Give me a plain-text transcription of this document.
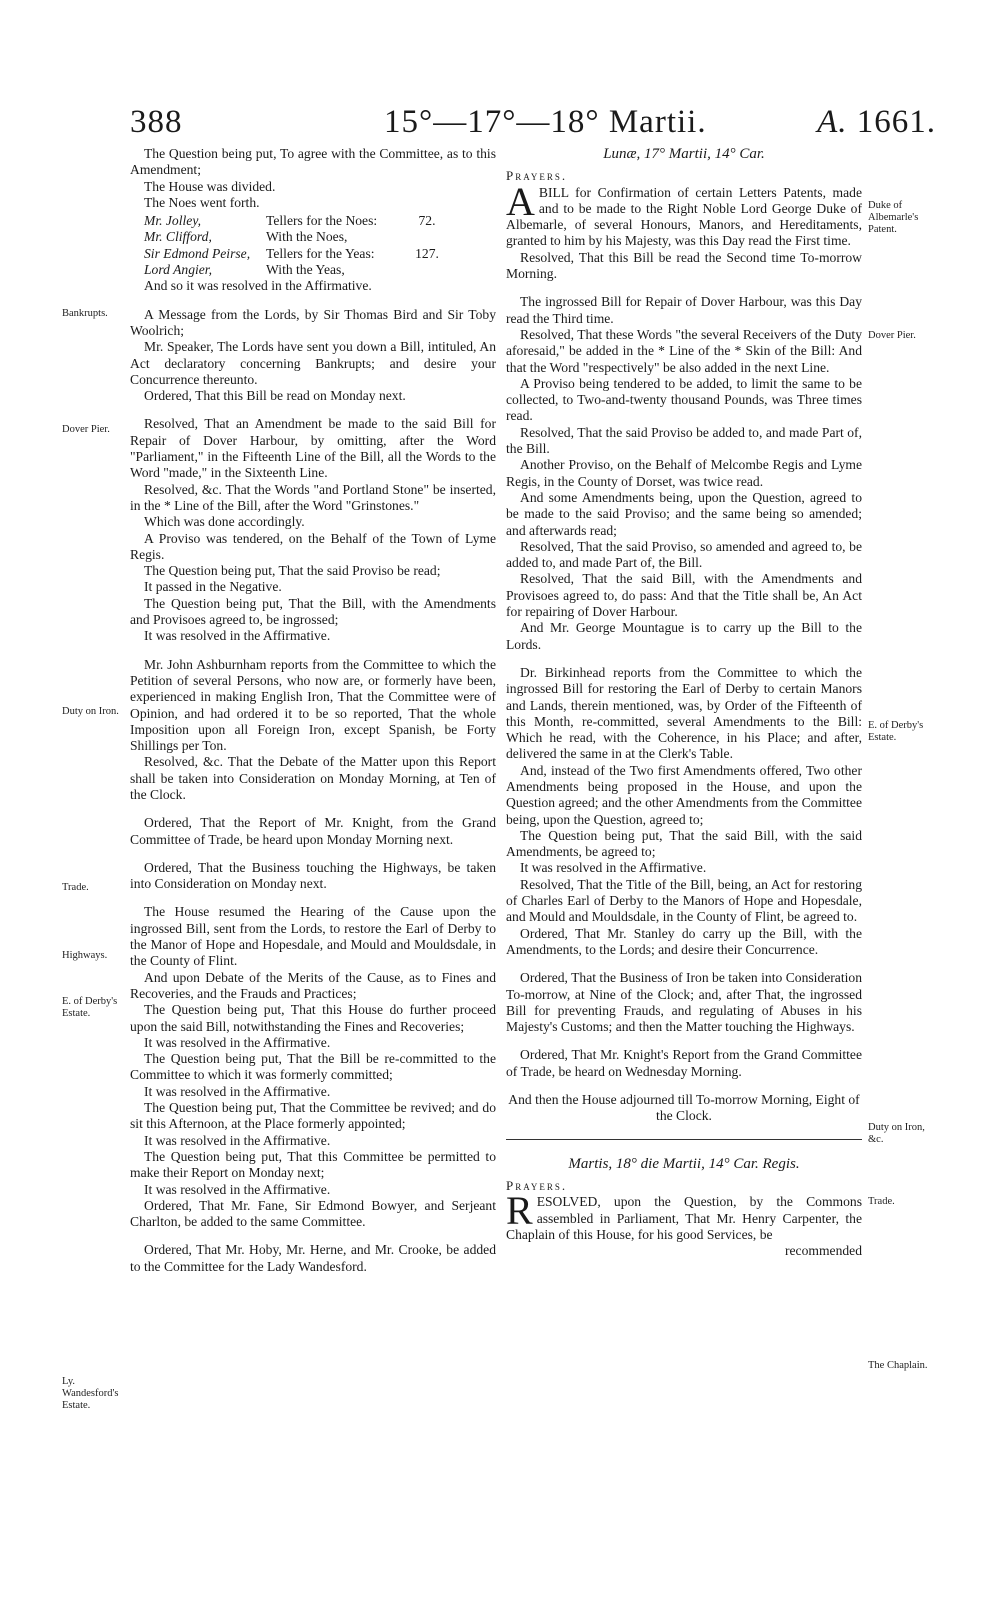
388	15°—17°—18° Martii.	A. 1661.

The Question being put, To agree with the Committee, as to this Amendment;

The House was divided.

The Noes went forth.

Mr. Jolley,	Tellers for the Noes:	72.
Mr. Clifford,	With the Noes,
Sir Edmond Peirse,	Tellers for the Yeas:	127.
Lord Angier,	With the Yeas,

And so it was resolved in the Affirmative.

A Message from the Lords, by Sir Thomas Bird and Sir Toby Woolrich;

Mr. Speaker, The Lords have sent you down a Bill, intituled, An Act declaratory concerning Bankrupts; and desire your Concurrence thereunto.

Ordered, That this Bill be read on Monday next.

Resolved, That an Amendment be made to the said Bill for Repair of Dover Harbour, by omitting, after the Word "Parliament," in the Fifteenth Line of the Bill, all the Words to the Word "made," in the Sixteenth Line.

Resolved, &c. That the Words "and Portland Stone" be inserted, in the * Line of the Bill, after the Word "Grinstones."

Which was done accordingly.

A Proviso was tendered, on the Behalf of the Town of Lyme Regis.

The Question being put, That the said Proviso be read;

It passed in the Negative.

The Question being put, That the Bill, with the Amendments and Provisoes agreed to, be ingrossed;

It was resolved in the Affirmative.

Mr. John Ashburnham reports from the Committee to which the Petition of several Persons, who now are, or formerly have been, experienced in making English Iron, That the Committee were of Opinion, and had ordered it to be so reported, That the whole Imposition upon all Foreign Iron, except Spanish, be Forty Shillings per Ton.

Resolved, &c. That the Debate of the Matter upon this Report shall be taken into Consideration on Monday Morning, at Ten of the Clock.

Ordered, That the Report of Mr. Knight, from the Grand Committee of Trade, be heard upon Monday Morning next.

Ordered, That the Business touching the Highways, be taken into Consideration on Monday next.

The House resumed the Hearing of the Cause upon the ingrossed Bill, sent from the Lords, to restore the Earl of Derby to the Manor of Hope and Hopesdale, and Mould and Mouldsdale, in the County of Flint.

And upon Debate of the Merits of the Cause, as to Fines and Recoveries, and the Frauds and Practices;

The Question being put, That this House do further proceed upon the said Bill, notwithstanding the Fines and Recoveries;

It was resolved in the Affirmative.

The Question being put, That the Bill be re-committed to the Committee to which it was formerly committed;

It was resolved in the Affirmative.

The Question being put, That the Committee be revived; and do sit this Afternoon, at the Place formerly appointed;

It was resolved in the Affirmative.

The Question being put, That this Committee be permitted to make their Report on Monday next;

It was resolved in the Affirmative.

Ordered, That Mr. Fane, Sir Edmond Bowyer, and Serjeant Charlton, be added to the same Committee.

Ordered, That Mr. Hoby, Mr. Herne, and Mr. Crooke, be added to the Committee for the Lady Wandesford.

Lunæ, 17° Martii, 14° Car.

Prayers.

ABILL for Confirmation of certain Letters Patents, made and to be made to the Right Noble Lord George Duke of Albemarle, of several Honours, Manors, and Hereditaments, granted to him by his Majesty, was this Day read the First time.

Resolved, That this Bill be read the Second time To-morrow Morning.

The ingrossed Bill for Repair of Dover Harbour, was this Day read the Third time.

Resolved, That these Words "the several Receivers of the Duty aforesaid," be added in the * Line of the * Skin of the Bill: And that the Word "respectively" be also added in the next Line.

A Proviso being tendered to be added, to limit the same to be collected, to Two-and-twenty thousand Pounds, was Three times read.

Resolved, That the said Proviso be added to, and made Part of, the Bill.

Another Proviso, on the Behalf of Melcombe Regis and Lyme Regis, in the County of Dorset, was twice read.

And some Amendments being, upon the Question, agreed to be made to the said Proviso; and the same being so amended; and afterwards read;

Resolved, That the said Proviso, so amended and agreed to, be added to, and made Part of, the Bill.

Resolved, That the said Bill, with the Amendments and Provisoes agreed to, do pass: And that the Title shall be, An Act for repairing of Dover Harbour.

And Mr. George Mountague is to carry up the Bill to the Lords.

Dr. Birkinhead reports from the Committee to which the ingrossed Bill for restoring the Earl of Derby to certain Manors and Lands, therein mentioned, was, by Order of the Fifteenth of this Month, re-committed, several Amendments to the Bill: Which he read, with the Coherence, in his Place; and after, delivered the same in at the Clerk's Table.

And, instead of the Two first Amendments offered, Two other Amendments being proposed in the House, and upon the Question agreed; and the other Amendments from the Committee being, upon the Question, agreed to;

The Question being put, That the said Bill, with the said Amendments, be agreed to;

It was resolved in the Affirmative.

Resolved, That the Title of the Bill, being, an Act for restoring of Charles Earl of Derby to the Manors of Hope and Hopesdale, and Mould and Mouldsdale, in the County of Flint, be agreed to.

Ordered, That Mr. Stanley do carry up the Bill, with the Amendments, to the Lords; and desire their Concurrence.

Ordered, That the Business of Iron be taken into Consideration To-morrow, at Nine of the Clock; and, after That, the ingrossed Bill for preventing Frauds, and regulating of Abuses in his Majesty's Customs; and then the Matter touching the Highways.

Ordered, That Mr. Knight's Report from the Grand Committee of Trade, be heard on Wednesday Morning.

And then the House adjourned till To-morrow Morning, Eight of the Clock.

Martis, 18° die Martii, 14° Car. Regis.

Prayers.

RESOLVED, upon the Question, by the Commons assembled in Parliament, That Mr. Henry Carpenter, the Chaplain of this House, for his good Services, be

recommended

Bankrupts.
Dover Pier.
Duty on Iron.
Trade.
Highways.
E. of Derby's Estate.
Ly. Wandesford's Estate.
Duke of Albemarle's Patent.
Dover Pier.
E. of Derby's Estate.
Duty on Iron, &c.
Trade.
The Chaplain.
